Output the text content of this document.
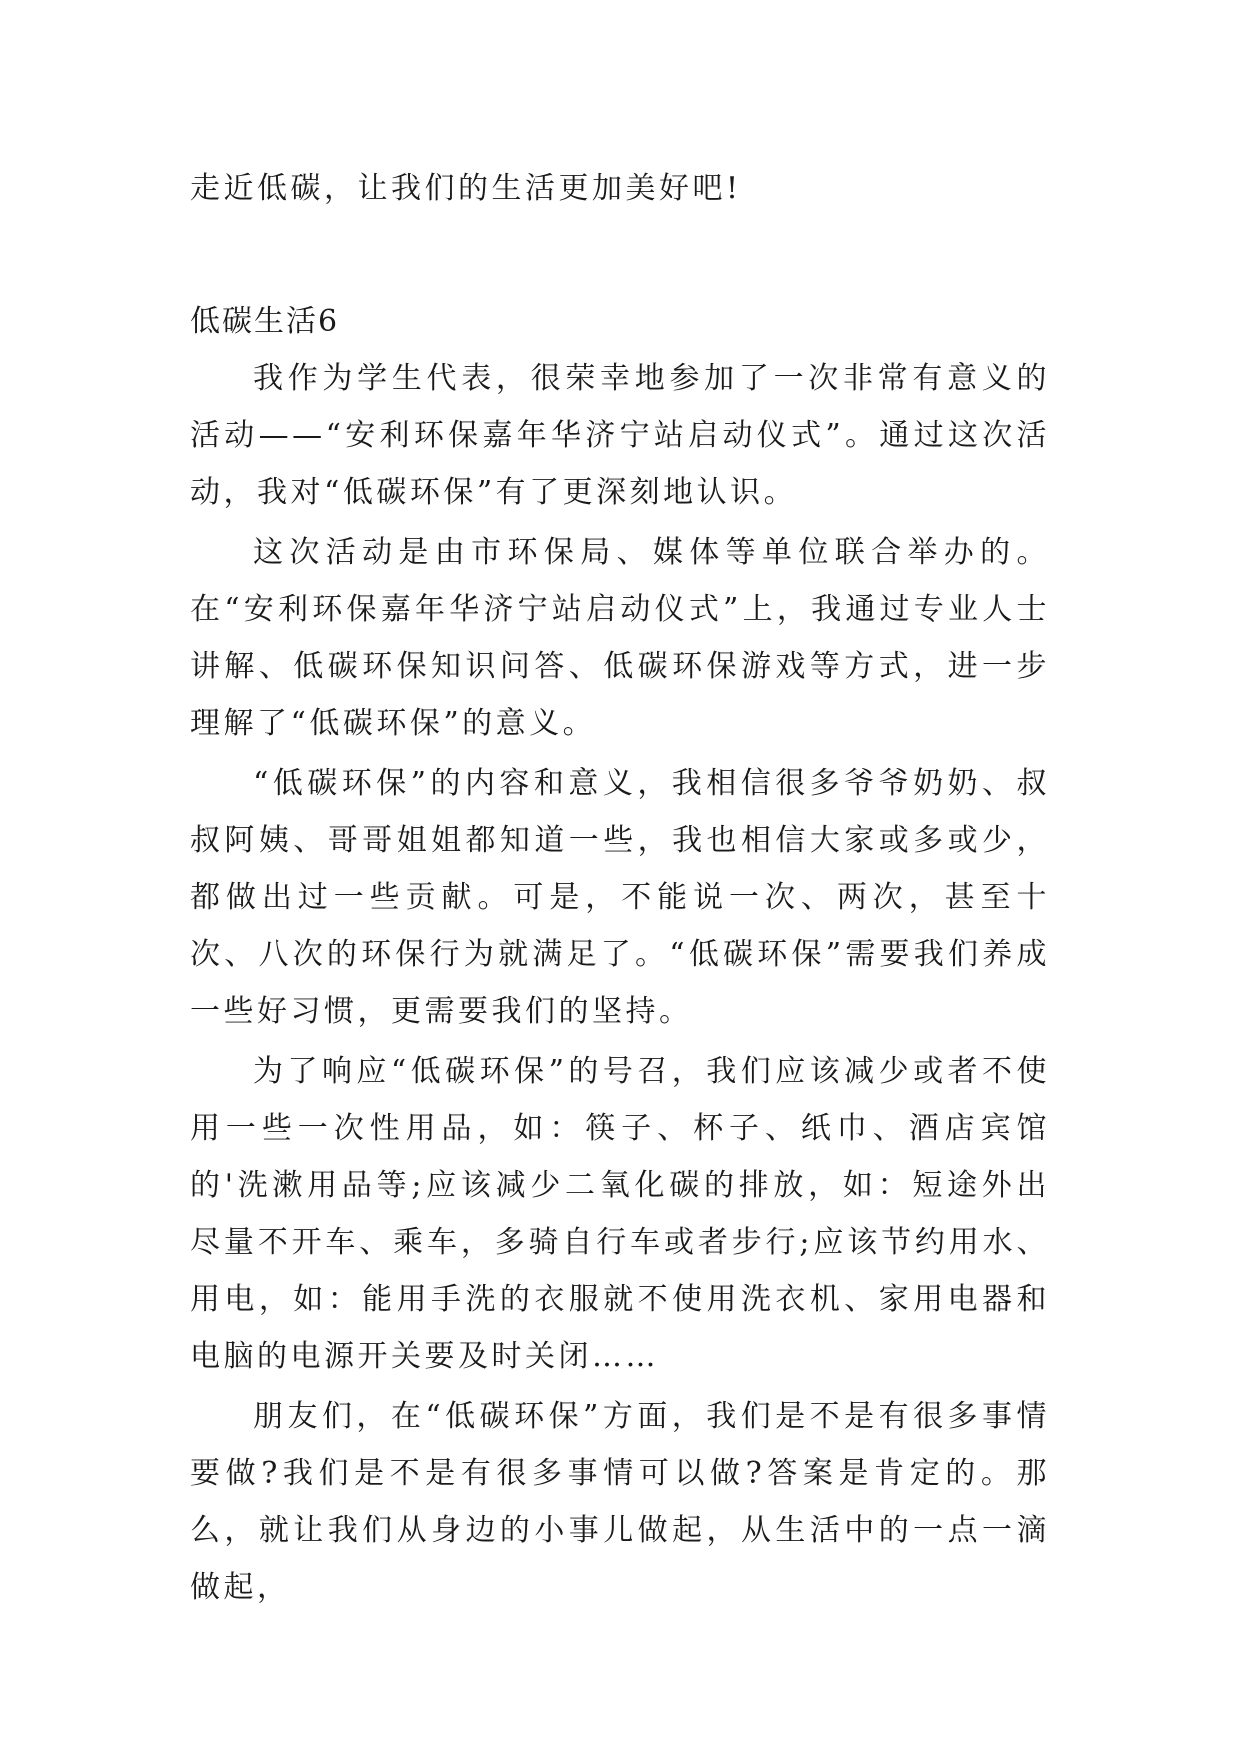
走近低碳，让我们的生活更加美好吧!

低碳生活6

我作为学生代表，很荣幸地参加了一次非常有意义的活动——“安利环保嘉年华济宁站启动仪式”。通过这次活动，我对“低碳环保”有了更深刻地认识。

这次活动是由市环保局、媒体等单位联合举办的。在“安利环保嘉年华济宁站启动仪式”上，我通过专业人士讲解、低碳环保知识问答、低碳环保游戏等方式，进一步理解了“低碳环保”的意义。

“低碳环保”的内容和意义，我相信很多爷爷奶奶、叔叔阿姨、哥哥姐姐都知道一些，我也相信大家或多或少，都做出过一些贡献。可是，不能说一次、两次，甚至十次、八次的环保行为就满足了。“低碳环保”需要我们养成一些好习惯，更需要我们的坚持。

为了响应“低碳环保”的号召，我们应该减少或者不使用一些一次性用品，如：筷子、杯子、纸巾、酒店宾馆的'洗漱用品等;应该减少二氧化碳的排放，如：短途外出尽量不开车、乘车，多骑自行车或者步行;应该节约用水、用电，如：能用手洗的衣服就不使用洗衣机、家用电器和电脑的电源开关要及时关闭……

朋友们，在“低碳环保”方面，我们是不是有很多事情要做?我们是不是有很多事情可以做?答案是肯定的。那么，就让我们从身边的小事儿做起，从生活中的一点一滴做起，
